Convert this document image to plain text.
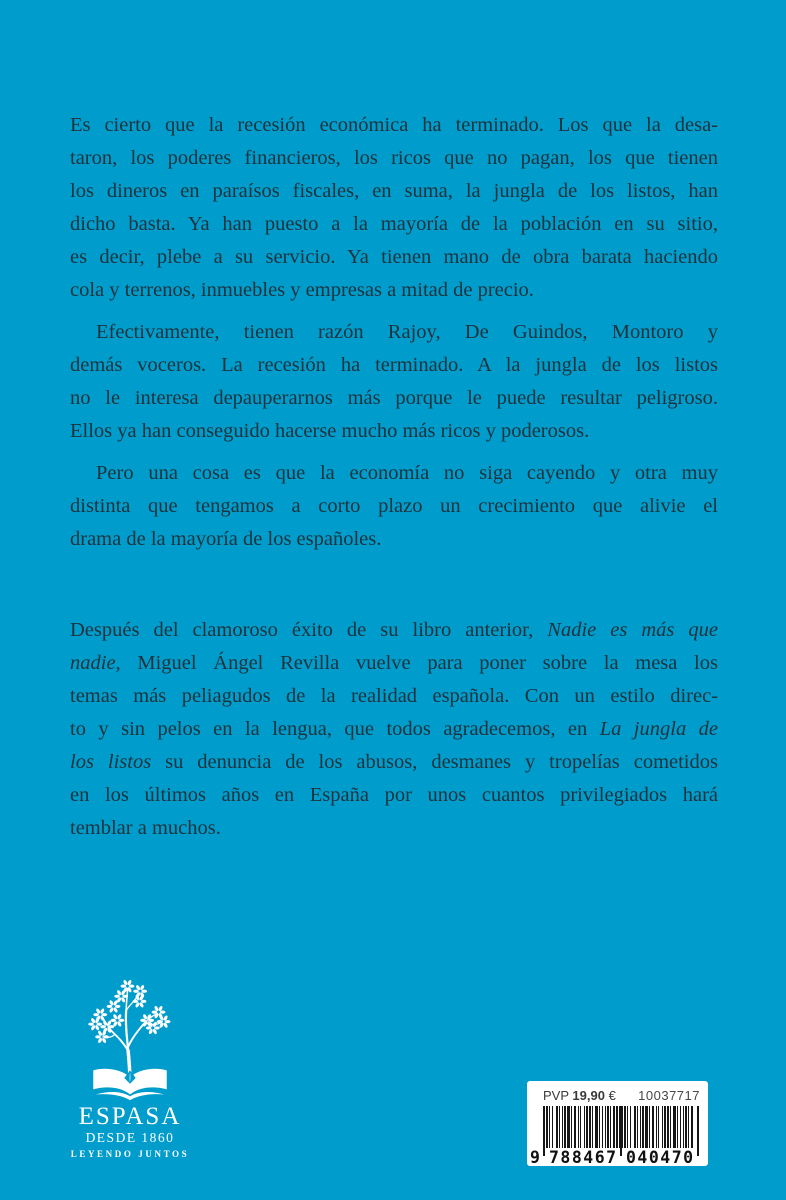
Es cierto que la recesión económica ha terminado. Los que la desa-
taron, los poderes financieros, los ricos que no pagan, los que tienen
los dineros en paraísos fiscales, en suma, la jungla de los listos, han
dicho basta. Ya han puesto a la mayoría de la población en su sitio,
es decir, plebe a su servicio. Ya tienen mano de obra barata haciendo
cola y terrenos, inmuebles y empresas a mitad de precio.
Efectivamente, tienen razón Rajoy, De Guindos, Montoro y
demás voceros. La recesión ha terminado. A la jungla de los listos
no le interesa depauperarnos más porque le puede resultar peligroso.
Ellos ya han conseguido hacerse mucho más ricos y poderosos.
Pero una cosa es que la economía no siga cayendo y otra muy
distinta que tengamos a corto plazo un crecimiento que alivie el
drama de la mayoría de los españoles.
Después del clamoroso éxito de su libro anterior, Nadie es más que
nadie, Miguel Ángel Revilla vuelve para poner sobre la mesa los
temas más peliagudos de la realidad española. Con un estilo direc-
to y sin pelos en la lengua, que todos agradecemos, en La jungla de
los listos su denuncia de los abusos, desmanes y tropelías cometidos
en los últimos años en España por unos cuantos privilegiados hará
temblar a muchos.
ESPASA
DESDE 1860
LEYENDO JUNTOS
PVP 19,90 € 10037717
9 788467 040470
